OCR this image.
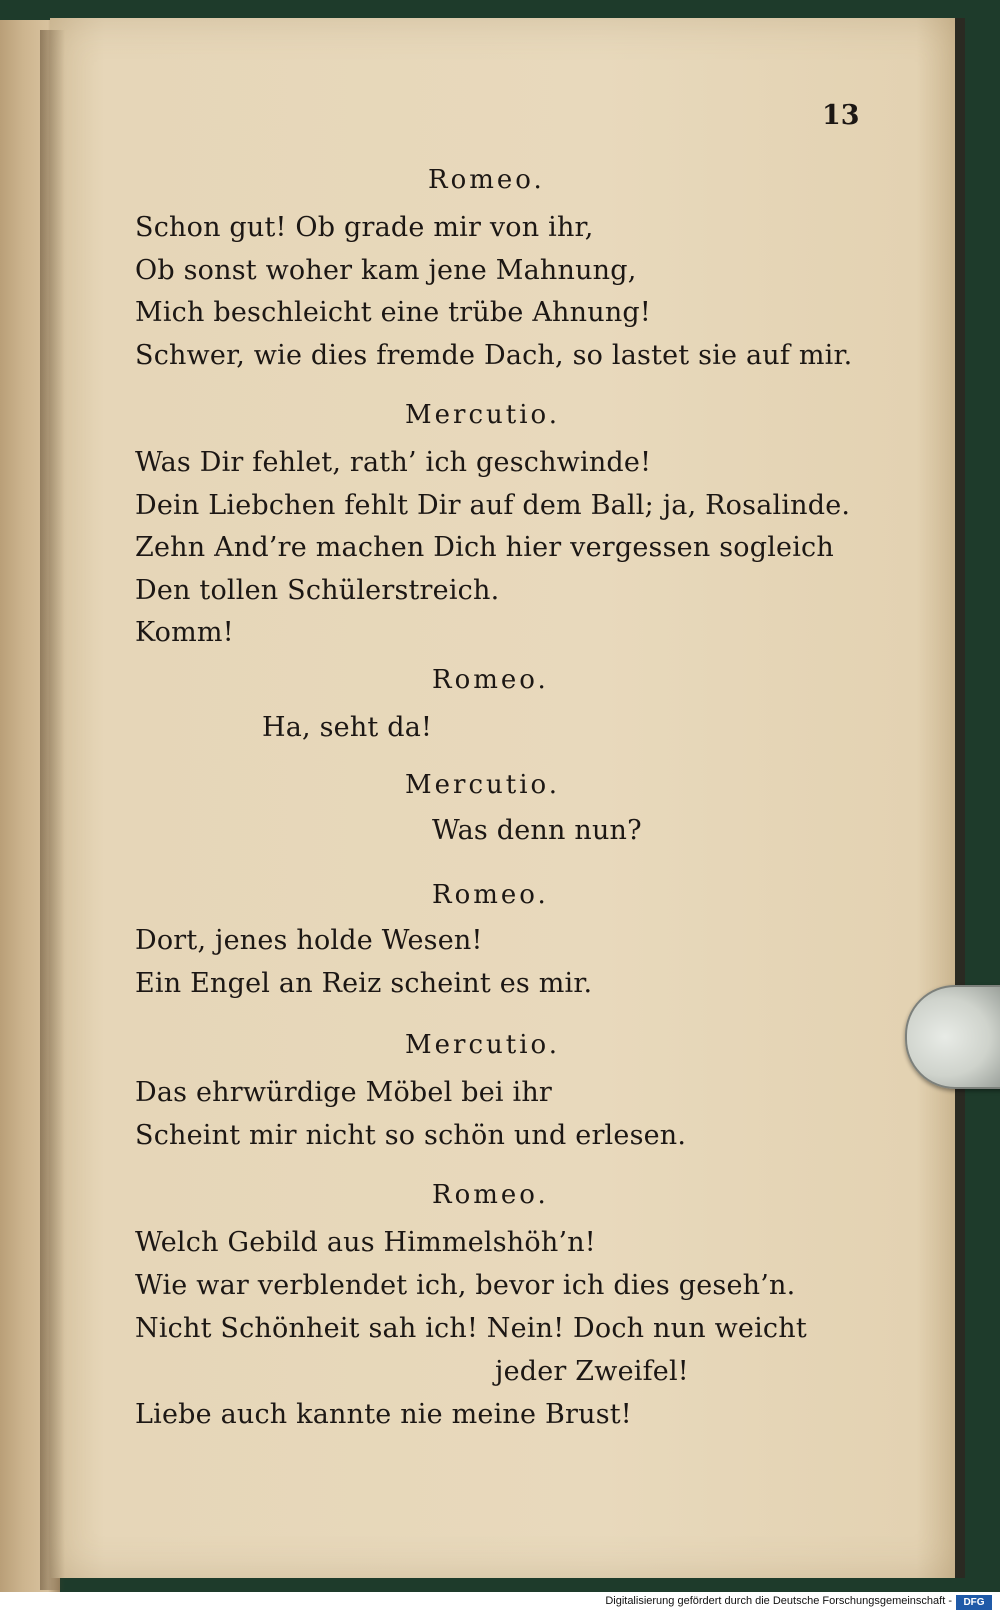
13
Romeo.
Schon gut! Ob grade mir von ihr,
Ob sonst woher kam jene Mahnung,
Mich beschleicht eine trübe Ahnung!
Schwer, wie dies fremde Dach, so lastet sie auf mir.
Mercutio.
Was Dir fehlet, rath’ ich geschwinde!
Dein Liebchen fehlt Dir auf dem Ball; ja, Rosalinde.
Zehn And’re machen Dich hier vergessen sogleich
Den tollen Schülerstreich.
Komm!
Romeo.
Ha, seht da!
Mercutio.
Was denn nun?
Romeo.
Dort, jenes holde Wesen!
Ein Engel an Reiz scheint es mir.
Mercutio.
Das ehrwürdige Möbel bei ihr
Scheint mir nicht so schön und erlesen.
Romeo.
Welch Gebild aus Himmelshöh’n!
Wie war verblendet ich, bevor ich dies geseh’n.
Nicht Schönheit sah ich! Nein! Doch nun weicht
jeder Zweifel!
Liebe auch kannte nie meine Brust!
Digitalisierung gefördert durch die Deutsche Forschungsgemeinschaft -	DFG
